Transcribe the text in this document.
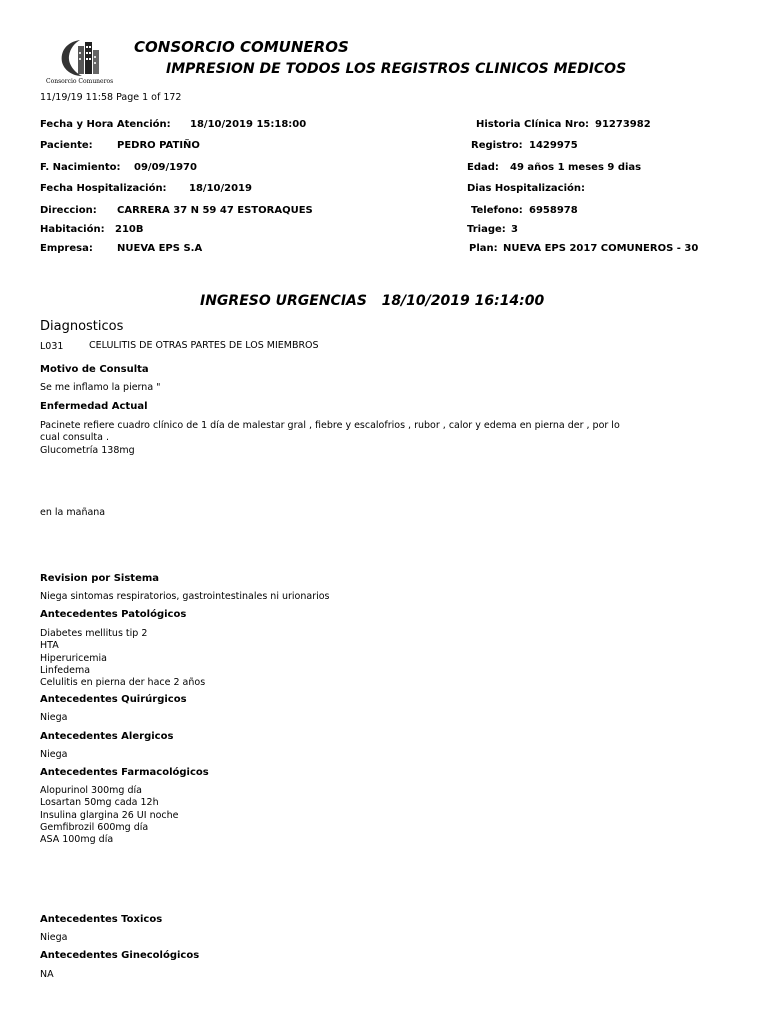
Consorcio Comuneros
CONSORCIO COMUNEROS
IMPRESION DE TODOS LOS REGISTROS CLINICOS MEDICOS
11/19/19 11:58 Page 1 of 172
Fecha y Hora Atención: 18/10/2019 15:18:00	Historia Clínica Nro: 91273982
Paciente: PEDRO PATIÑO	Registro: 1429975
F. Nacimiento: 09/09/1970	Edad: 49 años 1 meses 9 dias
Fecha Hospitalización: 18/10/2019	Dias Hospitalización:
Direccion: CARRERA 37 N 59 47 ESTORAQUES	Telefono: 6958978
Habitación: 210B	Triage: 3
Empresa: NUEVA EPS S.A	Plan: NUEVA EPS 2017 COMUNEROS - 30
INGRESO URGENCIAS 18/10/2019 16:14:00
Diagnosticos
L031	CELULITIS DE OTRAS PARTES DE LOS MIEMBROS
Motivo de Consulta
Se me inflamo la pierna "
Enfermedad Actual
Pacinete refiere cuadro clínico de 1 día de malestar gral , fiebre y escalofrios , rubor , calor y edema en pierna der , por lo
cual consulta .
Glucometría 138mg
en la mañana
Revision por Sistema
Niega sintomas respiratorios, gastrointestinales ni urionarios
Antecedentes Patológicos
Diabetes mellitus tip 2
HTA
Hiperuricemia
Linfedema
Celulitis en pierna der hace 2 años
Antecedentes Quirúrgicos
Niega
Antecedentes Alergicos
Niega
Antecedentes Farmacológicos
Alopurinol 300mg día
Losartan 50mg cada 12h
Insulina glargina 26 UI noche
Gemfibrozil 600mg día
ASA 100mg día
Antecedentes Toxicos
Niega
Antecedentes Ginecológicos
NA
